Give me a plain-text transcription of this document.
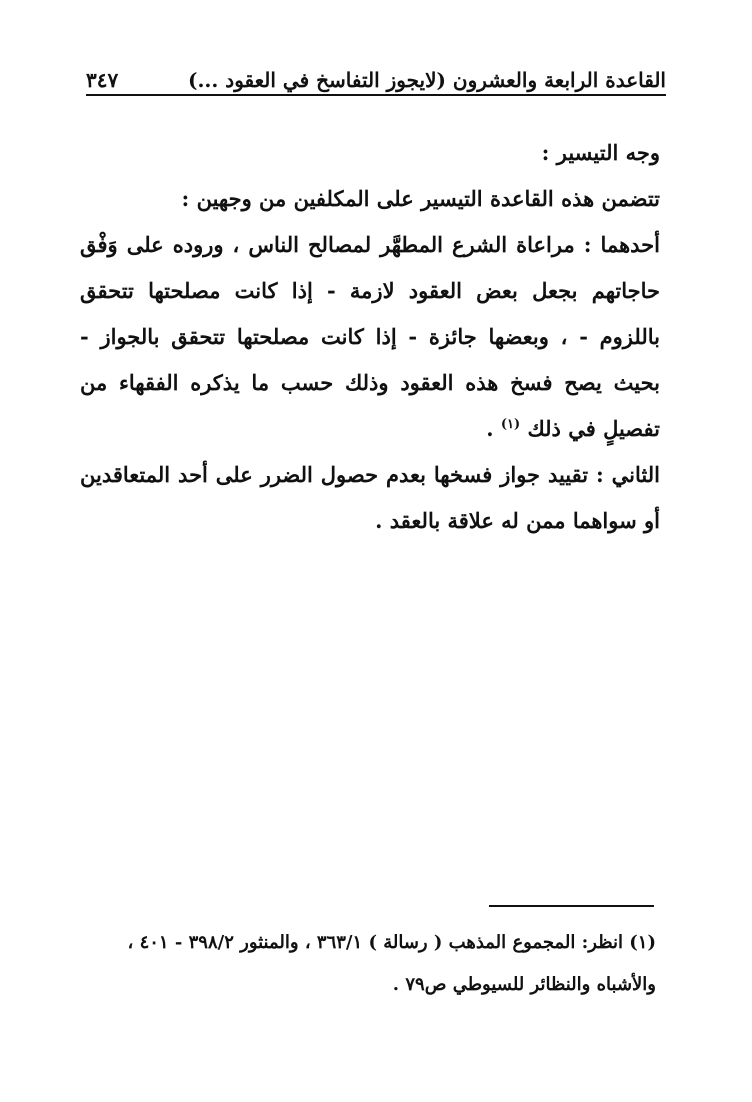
القاعدة الرابعة والعشرون (لايجوز التفاسخ في العقود ...)
٣٤٧

وجه التيسير :

تتضمن هذه القاعدة التيسير على المكلفين من وجهين :

أحدهما : مراعاة الشرع المطهَّر لمصالح الناس ، وروده على وَفْق حاجاتهم بجعل بعض العقود لازمة - إذا كانت مصلحتها تتحقق باللزوم - ، وبعضها جائزة - إذا كانت مصلحتها تتحقق بالجواز - بحيث يصح فسخ هذه العقود وذلك حسب ما يذكره الفقهاء من تفصيلٍ في ذلك $^{(١)}$ .

الثاني : تقييد جواز فسخها بعدم حصول الضرر على أحد المتعاقدين أو سواهما ممن له علاقة بالعقد .

(١) انظر: المجموع المذهب ( رسالة ) ٣٦٣/١ ، والمنثور ٣٩٨/٢ - ٤٠١ ،

والأشباه والنظائر للسيوطي ص٧٩ .
